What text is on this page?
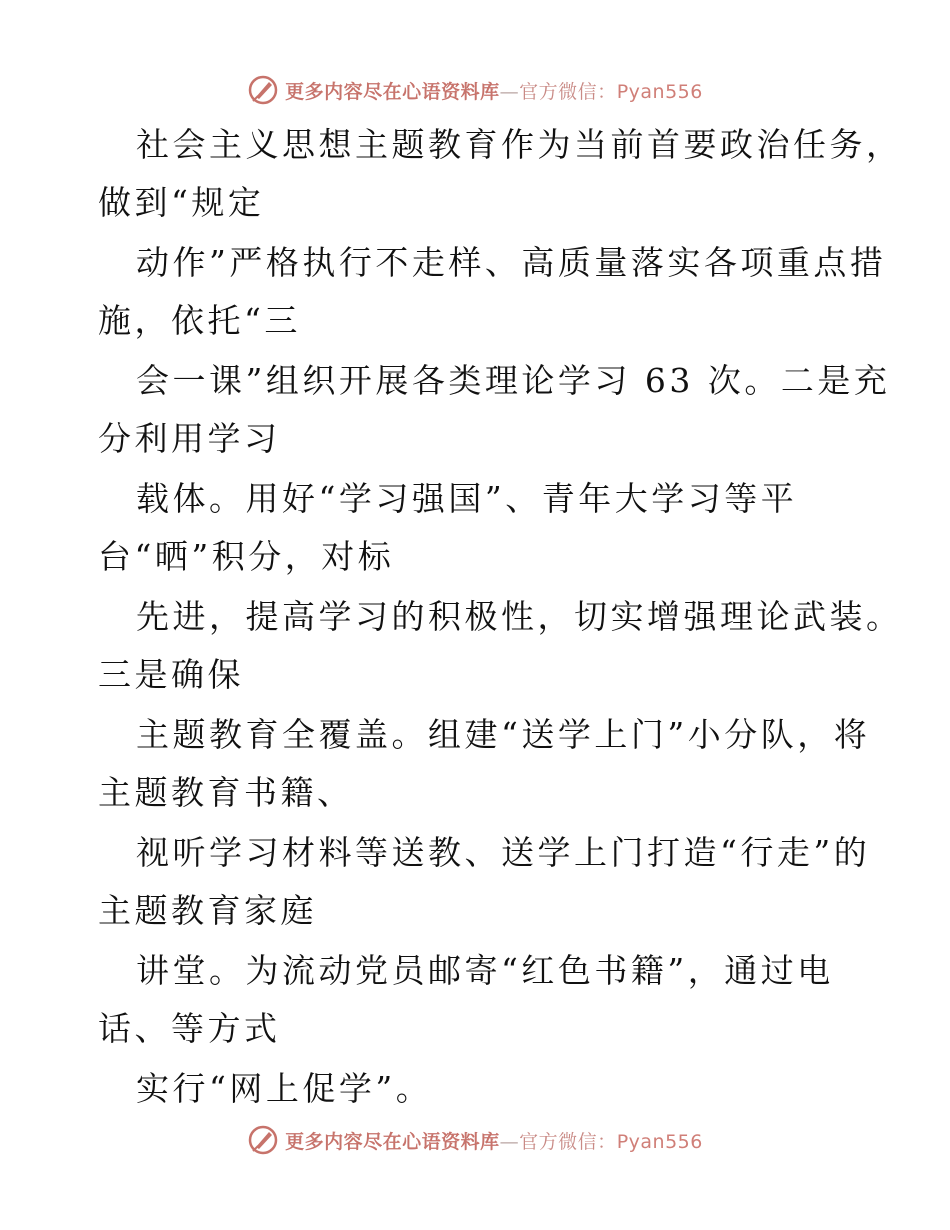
更多内容尽在心语资料库—官方微信：Pyan556
社会主义思想主题教育作为当前首要政治任务，
做到“规定
动作”严格执行不走样、高质量落实各项重点措
施，依托“三
会一课”组织开展各类理论学习 63 次。二是充
分利用学习
载体。用好“学习强国”、青年大学习等平
台“晒”积分，对标
先进，提高学习的积极性，切实增强理论武装。
三是确保
主题教育全覆盖。组建“送学上门”小分队，将
主题教育书籍、
视听学习材料等送教、送学上门打造“行走”的
主题教育家庭
讲堂。为流动党员邮寄“红色书籍”，通过电
话、等方式
实行“网上促学”。
更多内容尽在心语资料库—官方微信：Pyan556
